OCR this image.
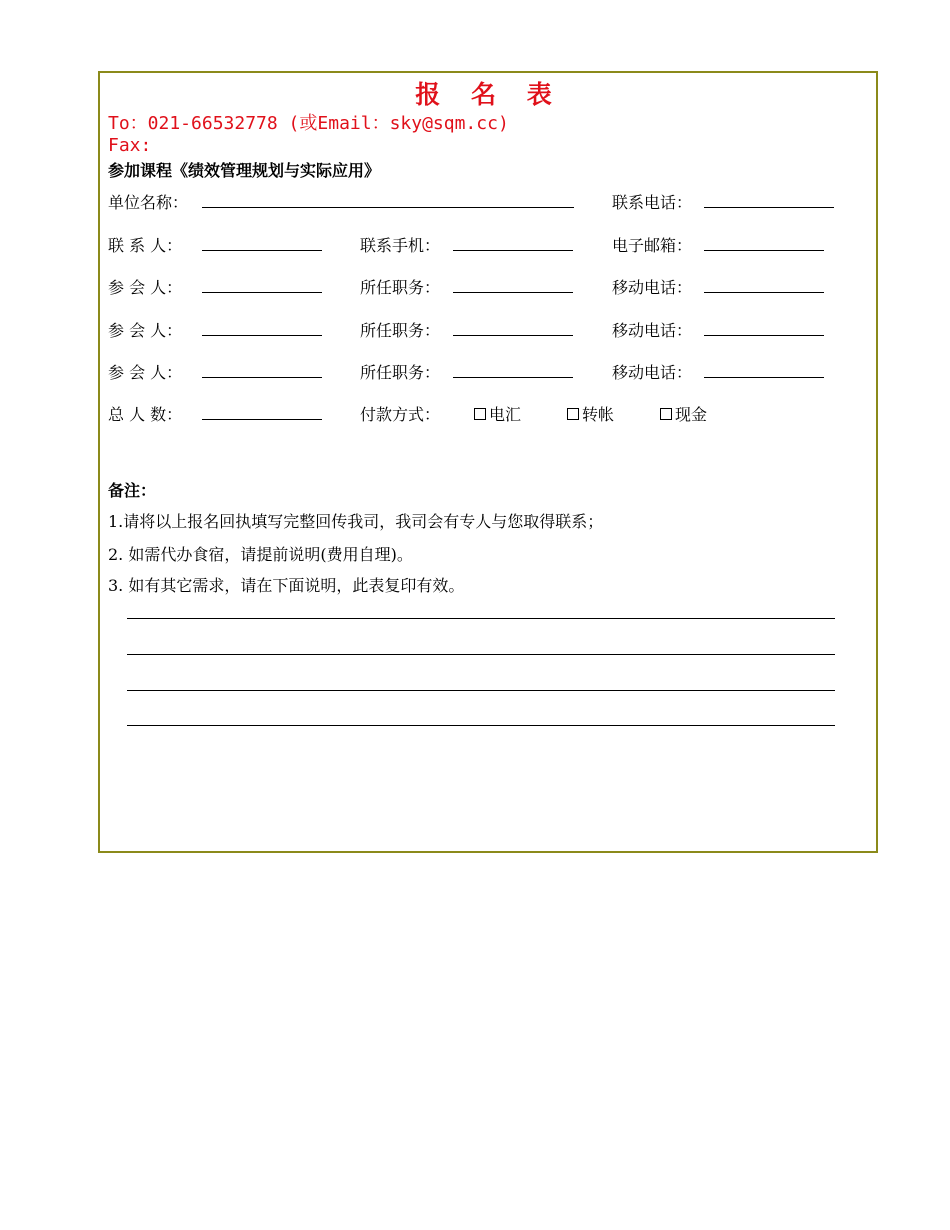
报 名 表
To：021-66532778 (或Email：sky@sqm.cc)
Fax:
参加课程《绩效管理规划与实际应用》
单位名称：	联系电话：
联 系 人：	联系手机：	电子邮箱：
参 会 人：	所任职务：	移动电话：
参 会 人：	所任职务：	移动电话：
参 会 人：	所任职务：	移动电话：
总 人 数：	付款方式：	电汇	转帐	现金
备注：
1.请将以上报名回执填写完整回传我司，我司会有专人与您取得联系；
2. 如需代办食宿，请提前说明(费用自理)。
3. 如有其它需求，请在下面说明，此表复印有效。
